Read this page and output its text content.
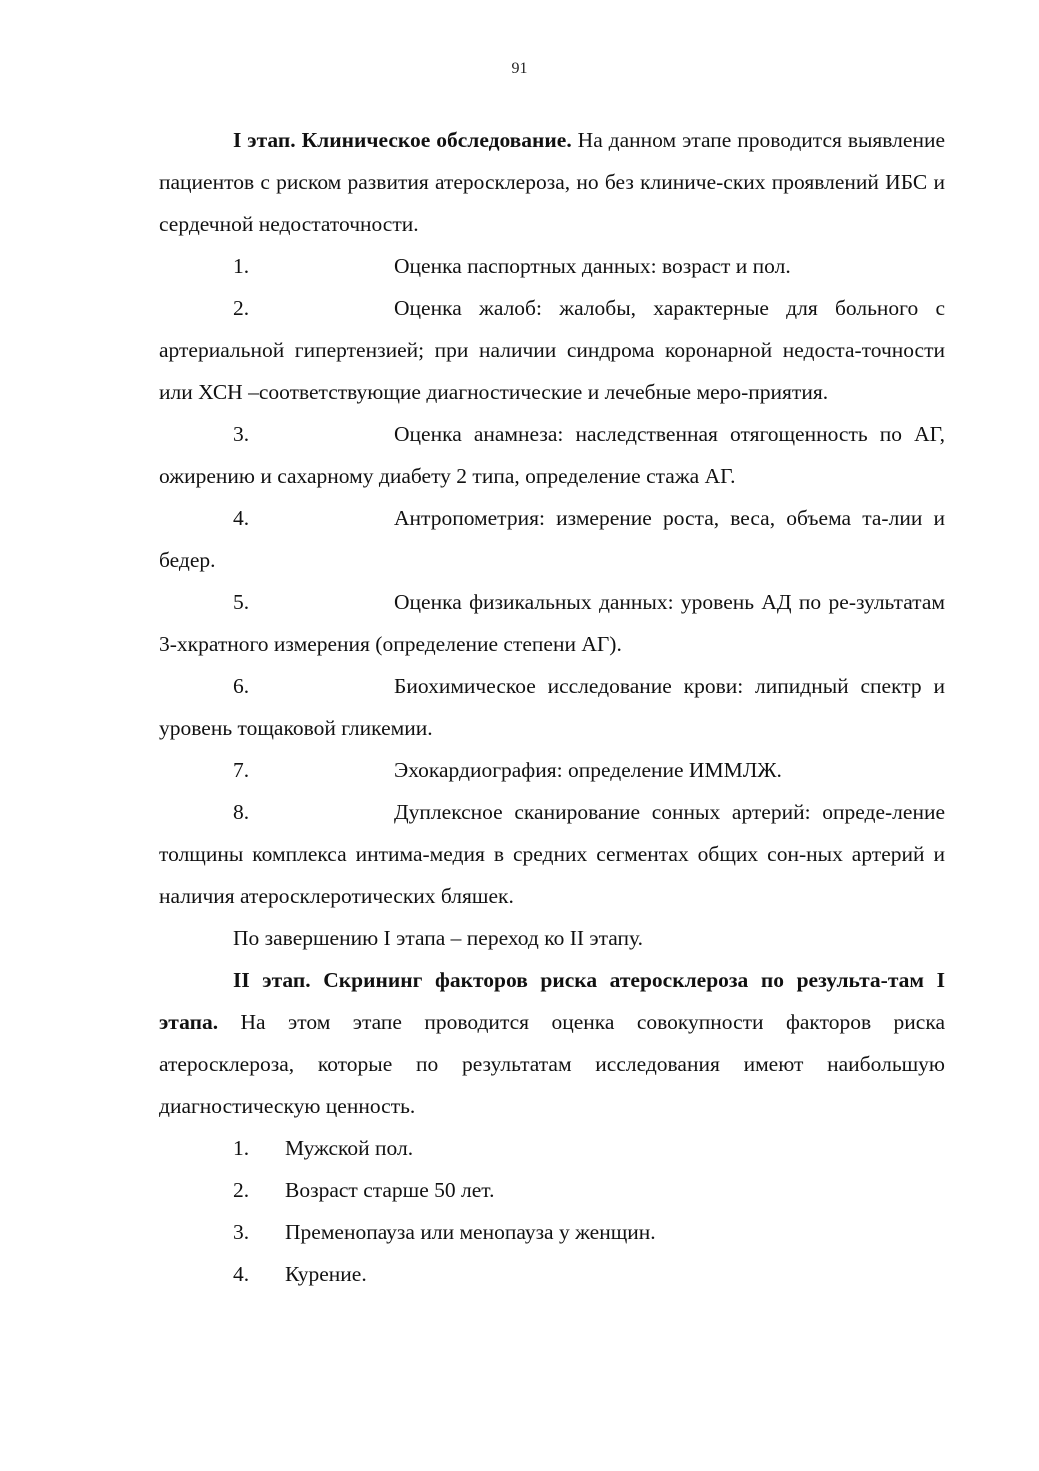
91

I этап. Клиническое обследование. На данном этапе проводится выявление пациентов с риском развития атеросклероза, но без клиниче-ских проявлений ИБС и сердечной недостаточности.

1.	Оценка паспортных данных: возраст и пол.

2.	Оценка жалоб: жалобы, характерные для больного с артериальной гипертензией; при наличии синдрома коронарной недоста-точности или ХСН –соответствующие диагностические и лечебные меро-приятия.

3.	Оценка анамнеза: наследственная отягощенность по АГ, ожирению и сахарному диабету 2 типа, определение стажа АГ.

4.	Антропометрия: измерение роста, веса, объема та-лии и бедер.

5.	Оценка физикальных данных: уровень АД по ре-зультатам 3-хкратного измерения (определение степени АГ).

6.	Биохимическое исследование крови: липидный спектр и уровень тощаковой гликемии.

7.	Эхокардиография: определение ИММЛЖ.

8.	Дуплексное сканирование сонных артерий: опреде-ление толщины комплекса интима-медия в средних сегментах общих сон-ных артерий и наличия атеросклеротических бляшек.

По завершению I этапа – переход ко II этапу.

II этап. Скрининг факторов риска атеросклероза по результа-там I этапа. На этом этапе проводится оценка совокупности факторов риска атеросклероза, которые по результатам исследования имеют наибольшую диагностическую ценность.

1. Мужской пол.

2. Возраст старше 50 лет.

3. Пременопауза или менопауза у женщин.

4. Курение.
